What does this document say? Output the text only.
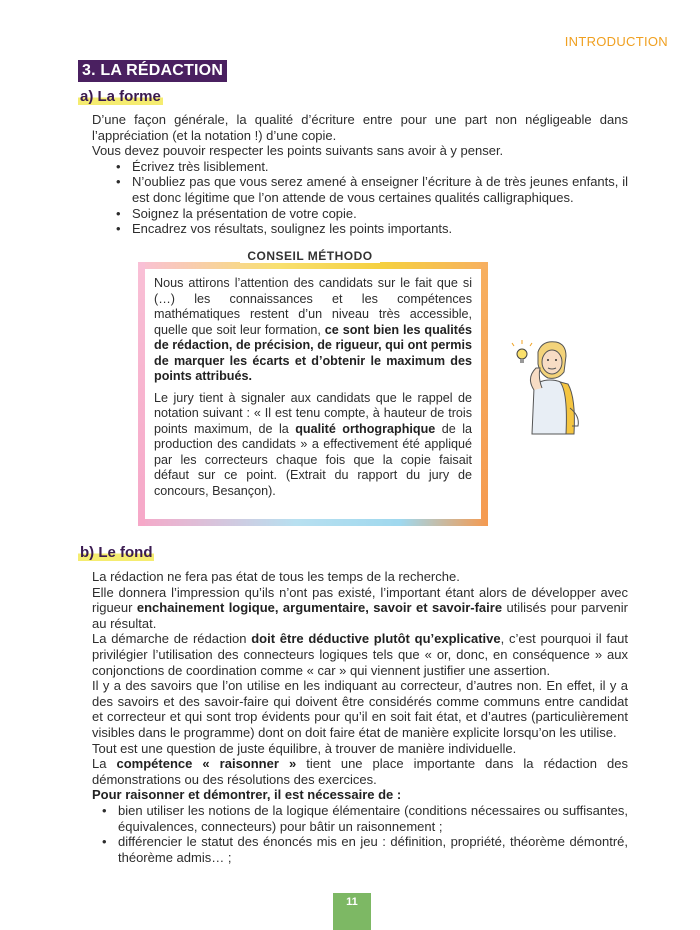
INTRODUCTION
3. LA RÉDACTION
a) La forme

D’une façon générale, la qualité d’écriture entre pour une part non négligeable dans l’appréciation (et la notation !) d’une copie.

Vous devez pouvoir respecter les points suivants sans avoir à y penser.

• Écrivez très lisiblement.
• N’oubliez pas que vous serez amené à enseigner l’écriture à de très jeunes enfants, il est donc légitime que l’on attende de vous certaines qualités calligraphiques.
• Soignez la présentation de votre copie.
• Encadrez vos résultats, soulignez les points importants.
CONSEIL MÉTHODO

Nous attirons l’attention des candidats sur le fait que si (…) les connaissances et les compétences mathématiques restent d’un niveau très accessible, quelle que soit leur formation, ce sont bien les qualités de rédaction, de précision, de rigueur, qui ont permis de marquer les écarts et d’obtenir le maximum des points attribués.

Le jury tient à signaler aux candidats que le rappel de notation suivant : « Il est tenu compte, à hauteur de trois points maximum, de la qualité orthographique de la production des candidats » a effectivement été appliqué par les correcteurs chaque fois que la copie faisait défaut sur ce point. (Extrait du rapport du jury de concours, Besançon).

b) Le fond

La rédaction ne fera pas état de tous les temps de la recherche.

Elle donnera l’impression qu’ils n’ont pas existé, l’important étant alors de développer avec rigueur enchainement logique, argumentaire, savoir et savoir-faire utilisés pour parvenir au résultat.

La démarche de rédaction doit être déductive plutôt qu’explicative, c’est pourquoi il faut privilégier l’utilisation des connecteurs logiques tels que « or, donc, en conséquence » aux conjonctions de coordination comme « car » qui viennent justifier une assertion.

Il y a des savoirs que l’on utilise en les indiquant au correcteur, d’autres non. En effet, il y a des savoirs et des savoir-faire qui doivent être considérés comme communs entre candidat et correcteur et qui sont trop évidents pour qu’il en soit fait état, et d’autres (particulièrement visibles dans le programme) dont on doit faire état de manière explicite lorsqu’on les utilise.

Tout est une question de juste équilibre, à trouver de manière individuelle.

La compétence « raisonner » tient une place importante dans la rédaction des démonstrations ou des résolutions des exercices.

Pour raisonner et démontrer, il est nécessaire de :

• bien utiliser les notions de la logique élémentaire (conditions nécessaires ou suffisantes, équivalences, connecteurs) pour bâtir un raisonnement ;
• différencier le statut des énoncés mis en jeu : définition, propriété, théorème démontré, théorème admis… ;
11
